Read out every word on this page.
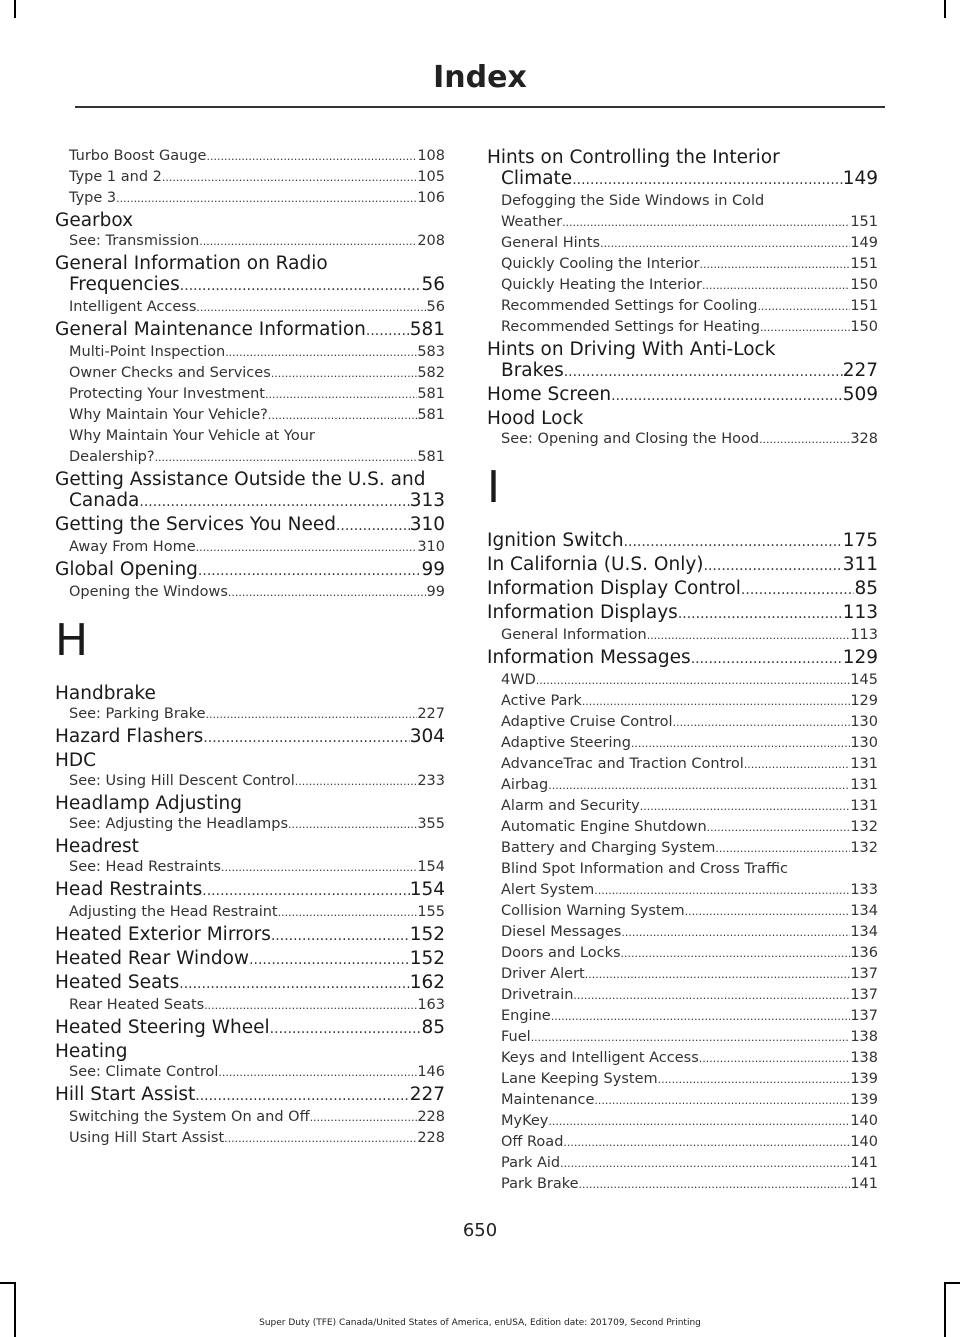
Index
Turbo Boost Gauge .....	108
Type 1 and 2 .....	105
Type 3 .....	106
Gearbox
See: Transmission .....	208
General Information on Radio
Frequencies .....	56
Intelligent Access .....	56
General Maintenance Information ..... 581
Multi-Point Inspection .....	583
Owner Checks and Services .....	582
Protecting Your Investment .....	581
Why Maintain Your Vehicle? .....	581
Why Maintain Your Vehicle at Your
Dealership? .....	581
Getting Assistance Outside the U.S. and
Canada .....	313
Getting the Services You Need .....	310
Away From Home .....	310
Global Opening .....	99
Opening the Windows .....	99
H
Handbrake
See: Parking Brake .....	227
Hazard Flashers .....	304
HDC
See: Using Hill Descent Control .....	233
Headlamp Adjusting
See: Adjusting the Headlamps .....	355
Headrest
See: Head Restraints .....	154
Head Restraints .....	154
Adjusting the Head Restraint .....	155
Heated Exterior Mirrors .....	152
Heated Rear Window .....	152
Heated Seats .....	162
Rear Heated Seats .....	163
Heated Steering Wheel .....	85
Heating
See: Climate Control .....	146
Hill Start Assist .....	227
Switching the System On and Off .....	228
Using Hill Start Assist .....	228
Hints on Controlling the Interior
Climate .....	149
Defogging the Side Windows in Cold
Weather .....	151
General Hints .....	149
Quickly Cooling the Interior .....	151
Quickly Heating the Interior .....	150
Recommended Settings for Cooling .....	151
Recommended Settings for Heating .....	150
Hints on Driving With Anti-Lock
Brakes .....	227
Home Screen .....	509
Hood Lock
See: Opening and Closing the Hood .....	328
I
Ignition Switch .....	175
In California (U.S. Only) .....	311
Information Display Control .....	85
Information Displays .....	113
General Information .....	113
Information Messages .....	129
4WD .....	145
Active Park .....	129
Adaptive Cruise Control .....	130
Adaptive Steering .....	130
AdvanceTrac and Traction Control .....	131
Airbag .....	131
Alarm and Security .....	131
Automatic Engine Shutdown .....	132
Battery and Charging System .....	132
Blind Spot Information and Cross Traffic
Alert System .....	133
Collision Warning System .....	134
Diesel Messages .....	134
Doors and Locks .....	136
Driver Alert .....	137
Drivetrain .....	137
Engine .....	137
Fuel .....	138
Keys and Intelligent Access .....	138
Lane Keeping System .....	139
Maintenance .....	139
MyKey .....	140
Off Road .....	140
Park Aid .....	141
Park Brake .....	141
650
Super Duty (TFE) Canada/United States of America, enUSA, Edition date: 201709, Second Printing
